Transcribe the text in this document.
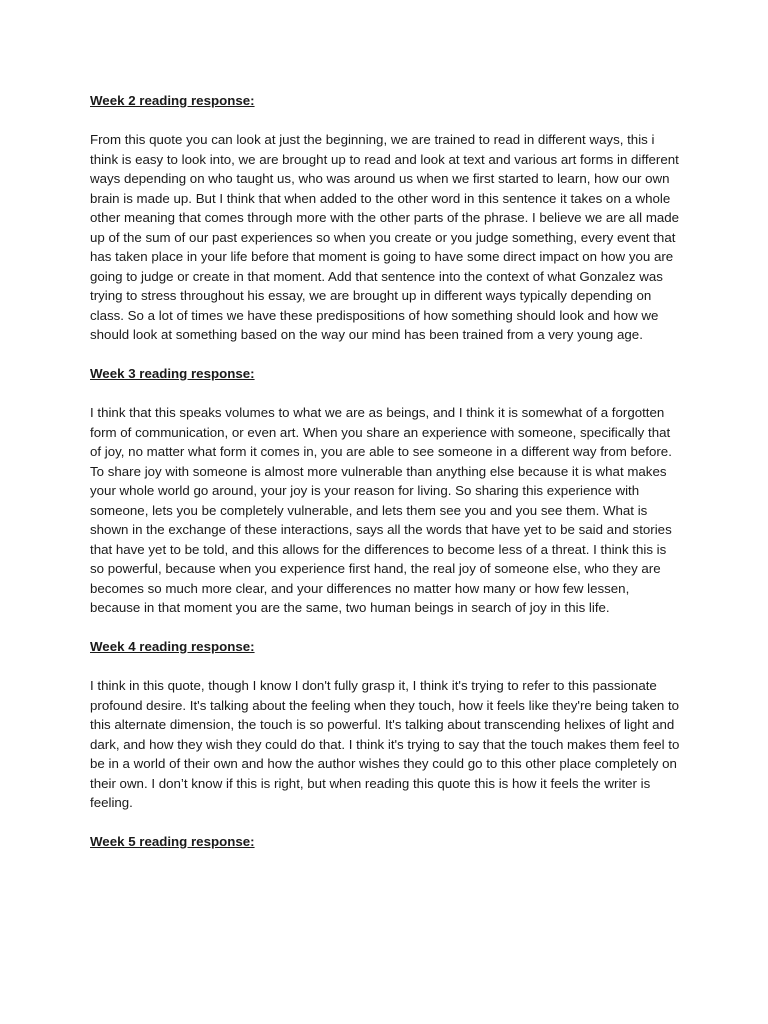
Week 2 reading response:

From this quote you can look at just the beginning, we are trained to read in different ways, this i think is easy to look into, we are brought up to read and look at text and various art forms in different ways depending on who taught us, who was around us when we first started to learn, how our own brain is made up. But I think that when added to the other word in this sentence it takes on a whole other meaning that comes through more with the other parts of the phrase. I believe we are all made up of the sum of our past experiences so when you create or you judge something, every event that has taken place in your life before that moment is going to have some direct impact on how you are going to judge or create in that moment. Add that sentence into the context of what Gonzalez was trying to stress throughout his essay, we are brought up in different ways typically depending on class. So a lot of times we have these predispositions of how something should look and how we should look at something based on the way our mind has been trained from a very young age.

Week 3 reading response:

I think that this speaks volumes to what we are as beings, and I think it is somewhat of a forgotten form of communication, or even art. When you share an experience with someone, specifically that of joy, no matter what form it comes in, you are able to see someone in a different way from before. To share joy with someone is almost more vulnerable than anything else because it is what makes your whole world go around, your joy is your reason for living. So sharing this experience with someone, lets you be completely vulnerable, and lets them see you and you see them. What is shown in the exchange of these interactions, says all the words that have yet to be said and stories that have yet to be told, and this allows for the differences to become less of a threat. I think this is so powerful, because when you experience first hand, the real joy of someone else, who they are becomes so much more clear, and your differences no matter how many or how few lessen, because in that moment you are the same, two human beings in search of joy in this life.

Week 4 reading response:

I think in this quote, though I know I don't fully grasp it, I think it's trying to refer to this passionate profound desire. It's talking about the feeling when they touch, how it feels like they're being taken to this alternate dimension, the touch is so powerful. It's talking about transcending helixes of light and dark, and how they wish they could do that. I think it's trying to say that the touch makes them feel to be in a world of their own and how the author wishes they could go to this other place completely on their own. I don’t know if this is right, but when reading this quote this is how it feels the writer is feeling.

Week 5 reading response:
